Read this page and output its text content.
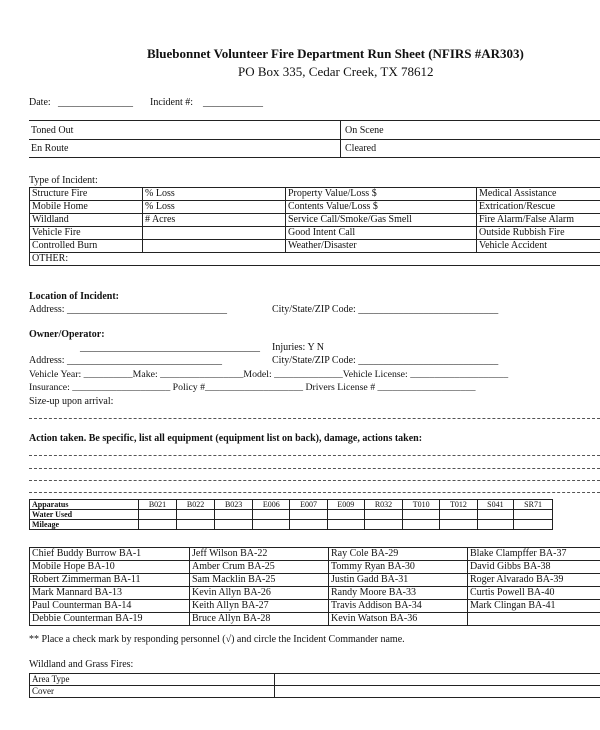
Bluebonnet Volunteer Fire Department Run Sheet (NFIRS #AR303)
PO Box 335, Cedar Creek, TX 78612
Date: _______________ Incident #: ____________
Toned Out	On Scene
En Route	Cleared
Type of Incident:
Structure Fire	% Loss	Property Value/Loss $	Medical Assistance
Mobile Home	% Loss	Contents Value/Loss $	Extrication/Rescue
Wildland	# Acres	Service Call/Smoke/Gas Smell	Fire Alarm/False Alarm
Vehicle Fire		Good Intent Call	Outside Rubbish Fire
Controlled Burn		Weather/Disaster	Vehicle Accident
OTHER:			
Location of Incident:
Address: ________________________________	City/State/ZIP Code: ____________________________
Owner/Operator:
____________________________________ Injuries: Y N
Address: _______________________________	City/State/ZIP Code: ____________________________
Vehicle Year: __________Make: _________________Model: ______________Vehicle License: ____________________
Insurance: ____________________ Policy #____________________ Drivers License # ____________________
Size-up upon arrival:
Action taken. Be specific, list all equipment (equipment list on back), damage, actions taken:
Apparatus	B021	B022	B023	E006	E007	E009	R032	T010	T012	S041	SR71
Water Used											
Mileage											
Chief Buddy Burrow BA-1	Jeff Wilson BA-22	Ray Cole BA-29	Blake Clampffer BA-37
Mobile Hope BA-10	Amber Crum BA-25	Tommy Ryan BA-30	David Gibbs BA-38
Robert Zimmerman BA-11	Sam Macklin BA-25	Justin Gadd BA-31	Roger Alvarado BA-39
Mark Mannard BA-13	Kevin Allyn BA-26	Randy Moore BA-33	Curtis Powell BA-40
Paul Counterman BA-14	Keith Allyn BA-27	Travis Addison BA-34	Mark Clingan BA-41
Debbie Counterman BA-19	Bruce Allyn BA-28	Kevin Watson BA-36	
** Place a check mark by responding personnel (√) and circle the Incident Commander name.
Wildland and Grass Fires:
Area Type	
Cover	
